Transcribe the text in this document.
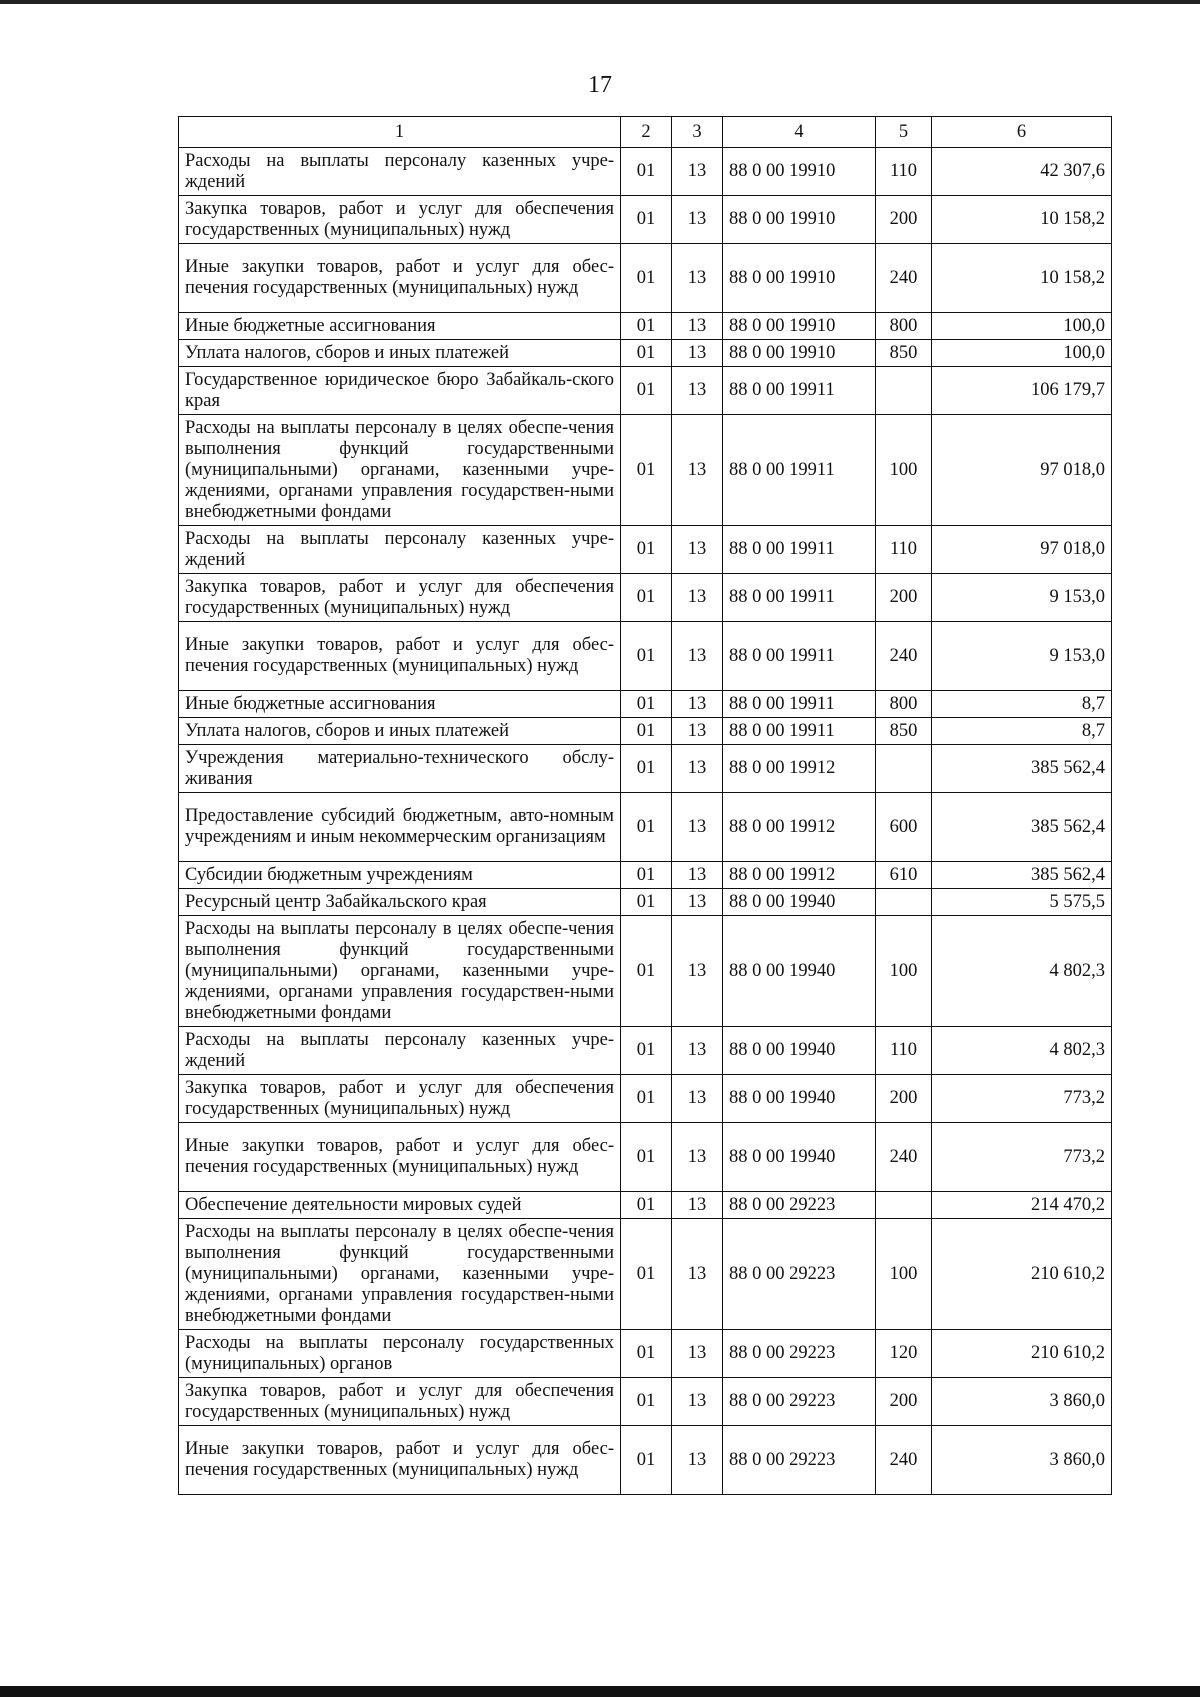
17
1	2	3	4	5	6
Расходы на выплаты персоналу казенных учре-ждений	01	13	88 0 00 19910	110	42 307,6
Закупка товаров, работ и услуг для обеспечения государственных (муниципальных) нужд	01	13	88 0 00 19910	200	10 158,2
Иные закупки товаров, работ и услуг для обес-печения государственных (муниципальных) нужд	01	13	88 0 00 19910	240	10 158,2
Иные бюджетные ассигнования	01	13	88 0 00 19910	800	100,0
Уплата налогов, сборов и иных платежей	01	13	88 0 00 19910	850	100,0
Государственное юридическое бюро Забайкаль-ского края	01	13	88 0 00 19911		106 179,7
Расходы на выплаты персоналу в целях обеспе-чения выполнения функций государственными (муниципальными) органами, казенными учре-ждениями, органами управления государствен-ными внебюджетными фондами	01	13	88 0 00 19911	100	97 018,0
Расходы на выплаты персоналу казенных учре-ждений	01	13	88 0 00 19911	110	97 018,0
Закупка товаров, работ и услуг для обеспечения государственных (муниципальных) нужд	01	13	88 0 00 19911	200	9 153,0
Иные закупки товаров, работ и услуг для обес-печения государственных (муниципальных) нужд	01	13	88 0 00 19911	240	9 153,0
Иные бюджетные ассигнования	01	13	88 0 00 19911	800	8,7
Уплата налогов, сборов и иных платежей	01	13	88 0 00 19911	850	8,7
Учреждения материально-технического обслу-живания	01	13	88 0 00 19912		385 562,4
Предоставление субсидий бюджетным, авто-номным учреждениям и иным некоммерческим организациям	01	13	88 0 00 19912	600	385 562,4
Субсидии бюджетным учреждениям	01	13	88 0 00 19912	610	385 562,4
Ресурсный центр Забайкальского края	01	13	88 0 00 19940		5 575,5
Расходы на выплаты персоналу в целях обеспе-чения выполнения функций государственными (муниципальными) органами, казенными учре-ждениями, органами управления государствен-ными внебюджетными фондами	01	13	88 0 00 19940	100	4 802,3
Расходы на выплаты персоналу казенных учре-ждений	01	13	88 0 00 19940	110	4 802,3
Закупка товаров, работ и услуг для обеспечения государственных (муниципальных) нужд	01	13	88 0 00 19940	200	773,2
Иные закупки товаров, работ и услуг для обес-печения государственных (муниципальных) нужд	01	13	88 0 00 19940	240	773,2
Обеспечение деятельности мировых судей	01	13	88 0 00 29223		214 470,2
Расходы на выплаты персоналу в целях обеспе-чения выполнения функций государственными (муниципальными) органами, казенными учре-ждениями, органами управления государствен-ными внебюджетными фондами	01	13	88 0 00 29223	100	210 610,2
Расходы на выплаты персоналу государственных (муниципальных) органов	01	13	88 0 00 29223	120	210 610,2
Закупка товаров, работ и услуг для обеспечения государственных (муниципальных) нужд	01	13	88 0 00 29223	200	3 860,0
Иные закупки товаров, работ и услуг для обес-печения государственных (муниципальных) нужд	01	13	88 0 00 29223	240	3 860,0
